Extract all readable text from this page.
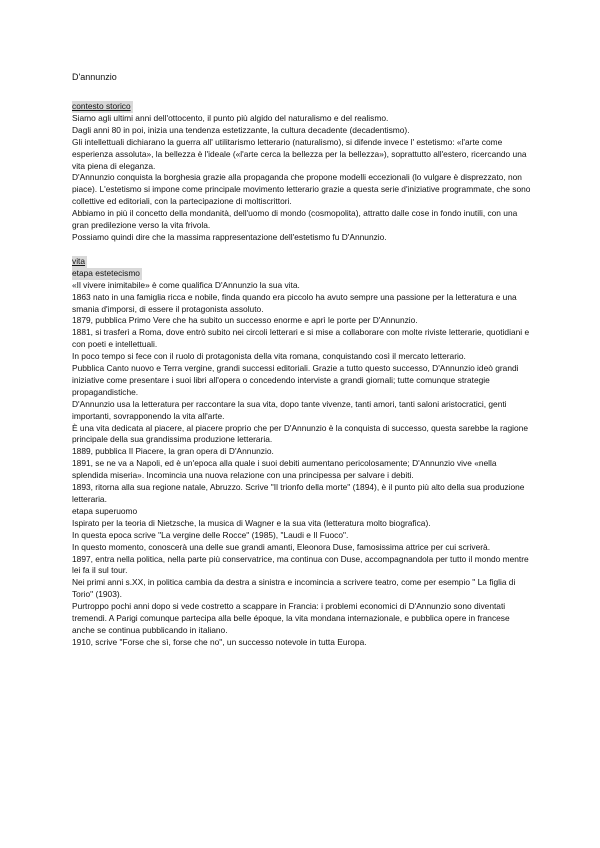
D'annunzio

contesto storico

Siamo agli ultimi anni dell'ottocento, il punto più algido del naturalismo e del realismo.

Dagli anni 80 in poi, inizia una tendenza estetizzante, la cultura decadente (decadentismo).

Gli intellettuali dichiarano la guerra all' utilitarismo letterario (naturalismo), si difende invece l' estetismo: «l'arte come esperienza assoluta», la bellezza è l'ideale («l'arte cerca la bellezza per la bellezza»), soprattutto all'estero, ricercando una vita piena di eleganza.

D'Annunzio conquista la borghesia grazie alla propaganda che propone modelli eccezionali (lo vulgare è disprezzato, non piace). L'estetismo si impone come principale movimento letterario grazie a questa serie d'iniziative programmate, che sono collettive ed editoriali, con la partecipazione di moltiscrittori.

Abbiamo in più il concetto della mondanità, dell'uomo di mondo (cosmopolita), attratto dalle cose in fondo inutili, con una gran predilezione verso la vita frivola.

Possiamo quindi dire che la massima rappresentazione dell'estetismo fu D'Annunzio.

vita

etapa estetecismo

«Il vivere inimitabile» è come qualifica D'Annunzio la sua vita.

1863 nato in una famiglia ricca e nobile, finda quando era piccolo ha avuto sempre una passione per la letteratura e una smania d'imporsi, di essere il protagonista assoluto.

1879, pubblica Primo Vere che ha subito un successo enorme e aprì le porte per D'Annunzio.

1881, si trasferì a Roma, dove entrò subito nei circoli letterari e si mise a collaborare con molte riviste letterarie, quotidiani e con poeti e intellettuali.

In poco tempo si fece con il ruolo di protagonista della vita romana, conquistando così il mercato letterario.

Pubblica Canto nuovo e Terra vergine, grandi successi editoriali. Grazie a tutto questo successo, D'Annunzio ideò grandi iniziative come presentare i suoi libri all'opera o concedendo interviste a grandi giornali; tutte comunque strategie propagandistiche.

D'Annunzio usa la letteratura per raccontare la sua vita, dopo tante vivenze, tanti amori, tanti saloni aristocratici, genti importanti, sovrapponendo la vita all'arte.

È una vita dedicata al piacere, al piacere proprio che per D'Annunzio è la conquista di successo, questa sarebbe la ragione principale della sua grandissima produzione letteraria.

1889, pubblica Il Piacere, la gran opera di D'Annunzio.

1891, se ne va a Napoli, ed è un'epoca alla quale i suoi debiti aumentano pericolosamente; D'Annunzio vive «nella splendida miseria». Incomincia una nuova relazione con una principessa per salvare i debiti.

1893, ritorna alla sua regione natale, Abruzzo. Scrive "Il trionfo della morte" (1894), è il punto più alto della sua produzione letteraria.

etapa superuomo

Ispirato per la teoria di Nietzsche, la musica di Wagner e la sua vita (letteratura molto biografica).

In questa epoca scrive "La vergine delle Rocce" (1985), "Laudi e Il Fuoco".

In questo momento, conoscerà una delle sue grandi amanti, Eleonora Duse, famosissima attrice per cui scriverà.

1897, entra nella politica, nella parte più conservatrice, ma continua con Duse, accompagnandola per tutto il mondo mentre lei fa il sul tour.

Nei primi anni s.XX, in politica cambia da destra a sinistra e incomincia a scrivere teatro, come per esempio " La figlia di Torio" (1903).

Purtroppo pochi anni dopo si vede costretto a scappare in Francia: i problemi economici di D'Annunzio sono diventati tremendi. A Parigi comunque partecipa alla belle époque, la vita mondana internazionale, e pubblica opere in francese anche se continua pubblicando in italiano.

1910, scrive "Forse che sì, forse che no", un successo notevole in tutta Europa.
